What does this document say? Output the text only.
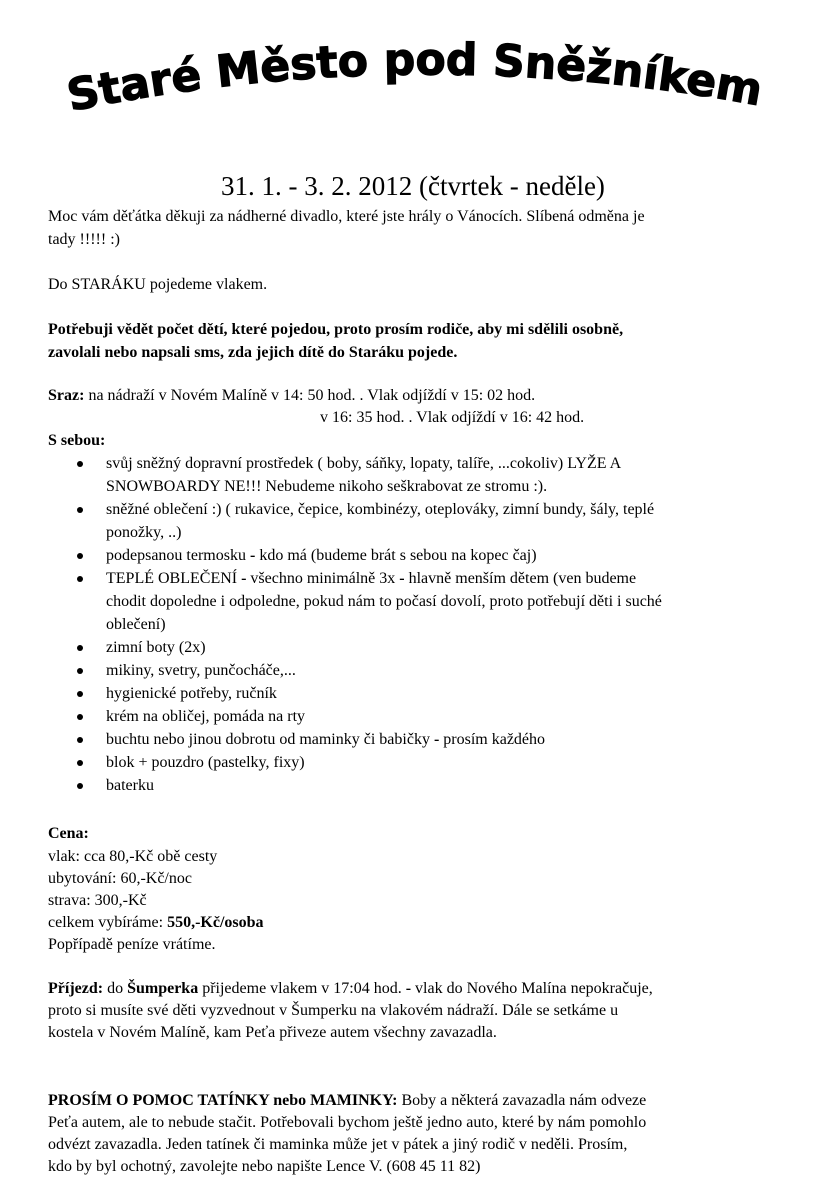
Staré Město pod Sněžníkem
31. 1. - 3. 2. 2012 (čtvrtek - neděle)
Moc vám děťátka děkuji za nádherné divadlo, které jste hrály o Vánocích. Slíbená odměna je
tady !!!!! :)
Do STARÁKU pojedeme vlakem.
Potřebuji vědět počet dětí, které pojedou, proto prosím rodiče, aby mi sdělili osobně,
zavolali nebo napsali sms, zda jejich dítě do Staráku pojede.
Sraz: na nádraží v Novém Malíně v 14: 50 hod. . Vlak odjíždí v 15: 02 hod.
v 16: 35 hod. . Vlak odjíždí v 16: 42 hod.
S sebou:
svůj sněžný dopravní prostředek ( boby, sáňky, lopaty, talíře, ...cokoliv) LYŽE A
SNOWBOARDY NE!!! Nebudeme nikoho seškrabovat ze stromu :).
sněžné oblečení :) ( rukavice, čepice, kombinézy, oteplováky, zimní bundy, šály, teplé
ponožky, ..)
podepsanou termosku - kdo má (budeme brát s sebou na kopec čaj)
TEPLÉ OBLEČENÍ - všechno minimálně 3x - hlavně menším dětem (ven budeme
chodit dopoledne i odpoledne, pokud nám to počasí dovolí, proto potřebují děti i suché
oblečení)
zimní boty (2x)
mikiny, svetry, punčocháče,...
hygienické potřeby, ručník
krém na obličej, pomáda na rty
buchtu nebo jinou dobrotu od maminky či babičky - prosím každého
blok + pouzdro (pastelky, fixy)
baterku
Cena:
vlak: cca 80,-Kč obě cesty
ubytování: 60,-Kč/noc
strava: 300,-Kč
celkem vybíráme: 550,-Kč/osoba
Popřípadě peníze vrátíme.
Příjezd: do Šumperka přijedeme vlakem v 17:04 hod. - vlak do Nového Malína nepokračuje,
proto si musíte své děti vyzvednout v Šumperku na vlakovém nádraží. Dále se setkáme u
kostela v Novém Malíně, kam Peťa přiveze autem všechny zavazadla.
PROSÍM O POMOC TATÍNKY nebo MAMINKY: Boby a některá zavazadla nám odveze
Peťa autem, ale to nebude stačit. Potřebovali bychom ještě jedno auto, které by nám pomohlo
odvézt zavazadla. Jeden tatínek či maminka může jet v pátek a jiný rodič v neděli. Prosím,
kdo by byl ochotný, zavolejte nebo napište Lence V. (608 45 11 82)
